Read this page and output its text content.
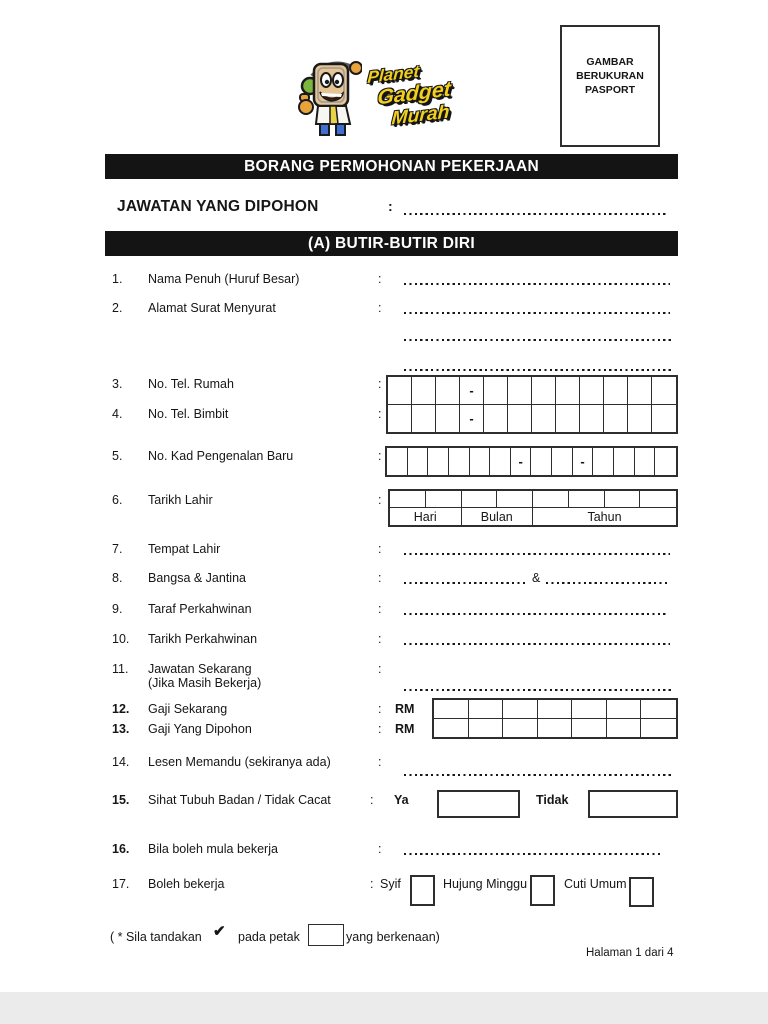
Planet
Gadget
Murah
GAMBAR
BERUKURAN
PASPORT
BORANG PERMOHONAN PEKERJAAN
JAWATAN YANG DIPOHON	:
(A) BUTIR-BUTIR DIRI
1. Nama Penuh (Huruf Besar)	:
2. Alamat Surat Menyurat	:
3. No. Tel. Rumah	:
4. No. Tel. Bimbit	:
-
-
5. No. Kad Pengenalan Baru	:	-	-
6. Tarikh Lahir	:
Hari	Bulan	Tahun
7. Tempat Lahir	:
8. Bangsa & Jantina	:	&
9. Taraf Perkahwinan	:
10. Tarikh Perkahwinan	:
11. Jawatan Sekarang
(Jika Masih Bekerja)
:
12. Gaji Sekarang	: RM
13. Gaji Yang Dipohon	: RM
14. Lesen Memandu (sekiranya ada)	:
15. Sihat Tubuh Badan / Tidak Cacat	: Ya	Tidak
16. Bila boleh mula bekerja	:
17. Boleh bekerja	: Syif	Hujung Minggu	Cuti Umum
( * Sila tandakan ✔ pada petak	yang berkenaan)
Halaman 1 dari 4
